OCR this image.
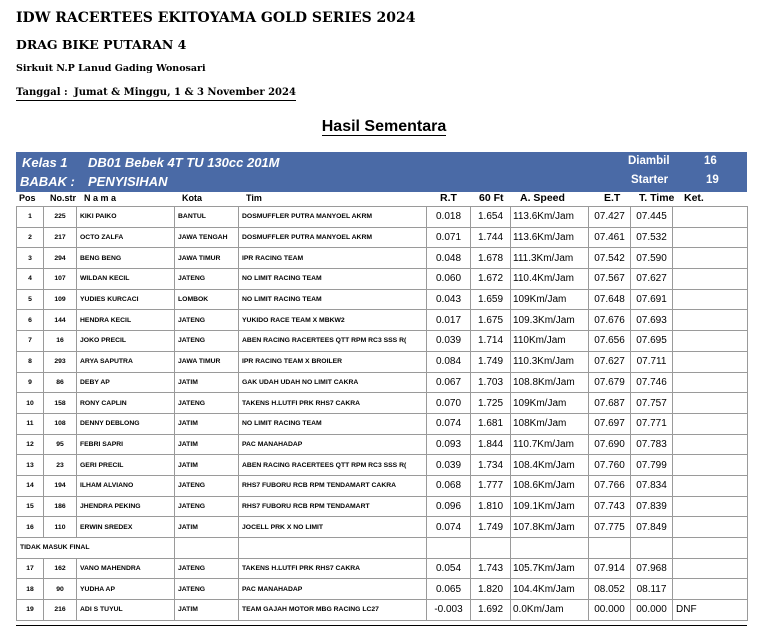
IDW RACERTEES EKITOYAMA GOLD SERIES 2024
DRAG BIKE PUTARAN 4
Sirkuit N.P Lanud Gading Wonosari
Tanggal : Jumat & Minggu, 1 & 3 November 2024
Hasil Sementara
Kelas 1 DB01 Bebek 4T TU 130cc 201M
BABAK : PENYISIHAN
Diambil	16
Starter	19
Pos No.str N a m a	Kota	Tim	R.T 60 Ft A. Speed	E.T T. Time Ket.
1	225	KIKI PAIKO	BANTUL	DOSMUFFLER PUTRA MANYOEL AKRM	0.018	1.654	113.6Km/Jam	07.427	07.445	
2	217	OCTO ZALFA	JAWA TENGAH	DOSMUFFLER PUTRA MANYOEL AKRM	0.071	1.744	113.6Km/Jam	07.461	07.532	
3	294	BENG BENG	JAWA TIMUR	IPR RACING TEAM	0.048	1.678	111.3Km/Jam	07.542	07.590	
4	107	WILDAN KECIL	JATENG	NO LIMIT RACING TEAM	0.060	1.672	110.4Km/Jam	07.567	07.627	
5	109	YUDIES KURCACI	LOMBOK	NO LIMIT RACING TEAM	0.043	1.659	109Km/Jam	07.648	07.691	
6	144	HENDRA KECIL	JATENG	YUKIDO RACE TEAM X MBKW2	0.017	1.675	109.3Km/Jam	07.676	07.693	
7	16	JOKO PRECIL	JATENG	ABEN RACING RACERTEES QTT RPM RC3 SSS R(	0.039	1.714	110Km/Jam	07.656	07.695	
8	293	ARYA SAPUTRA	JAWA TIMUR	IPR RACING TEAM X BROILER	0.084	1.749	110.3Km/Jam	07.627	07.711	
9	86	DEBY AP	JATIM	GAK UDAH UDAH NO LIMIT CAKRA	0.067	1.703	108.8Km/Jam	07.679	07.746	
10	158	RONY CAPLIN	JATENG	TAKENS H.LUTFI PRK RHS7 CAKRA	0.070	1.725	109Km/Jam	07.687	07.757	
11	108	DENNY DEBLONG	JATIM	NO LIMIT RACING TEAM	0.074	1.681	108Km/Jam	07.697	07.771	
12	95	FEBRI SAPRI	JATIM	PAC MANAHADAP	0.093	1.844	110.7Km/Jam	07.690	07.783	
13	23	GERI PRECIL	JATIM	ABEN RACING RACERTEES QTT RPM RC3 SSS R(	0.039	1.734	108.4Km/Jam	07.760	07.799	
14	194	ILHAM ALVIANO	JATENG	RHS7 FUBORU RCB RPM TENDAMART CAKRA	0.068	1.777	108.6Km/Jam	07.766	07.834	
15	186	JHENDRA PEKING	JATENG	RHS7 FUBORU RCB RPM TENDAMART	0.096	1.810	109.1Km/Jam	07.743	07.839	
16	110	ERWIN SREDEX	JATIM	JOCELL PRK X NO LIMIT	0.074	1.749	107.8Km/Jam	07.775	07.849	
TIDAK MASUK FINAL										
17	162	VANO MAHENDRA	JATENG	TAKENS H.LUTFI PRK RHS7 CAKRA	0.054	1.743	105.7Km/Jam	07.914	07.968	
18	90	YUDHA AP	JATENG	PAC MANAHADAP	0.065	1.820	104.4Km/Jam	08.052	08.117	
19	216	ADI S TUYUL	JATIM	TEAM GAJAH MOTOR MBG RACING LC27	-0.003	1.692	0.0Km/Jam	00.000	00.000	DNF
